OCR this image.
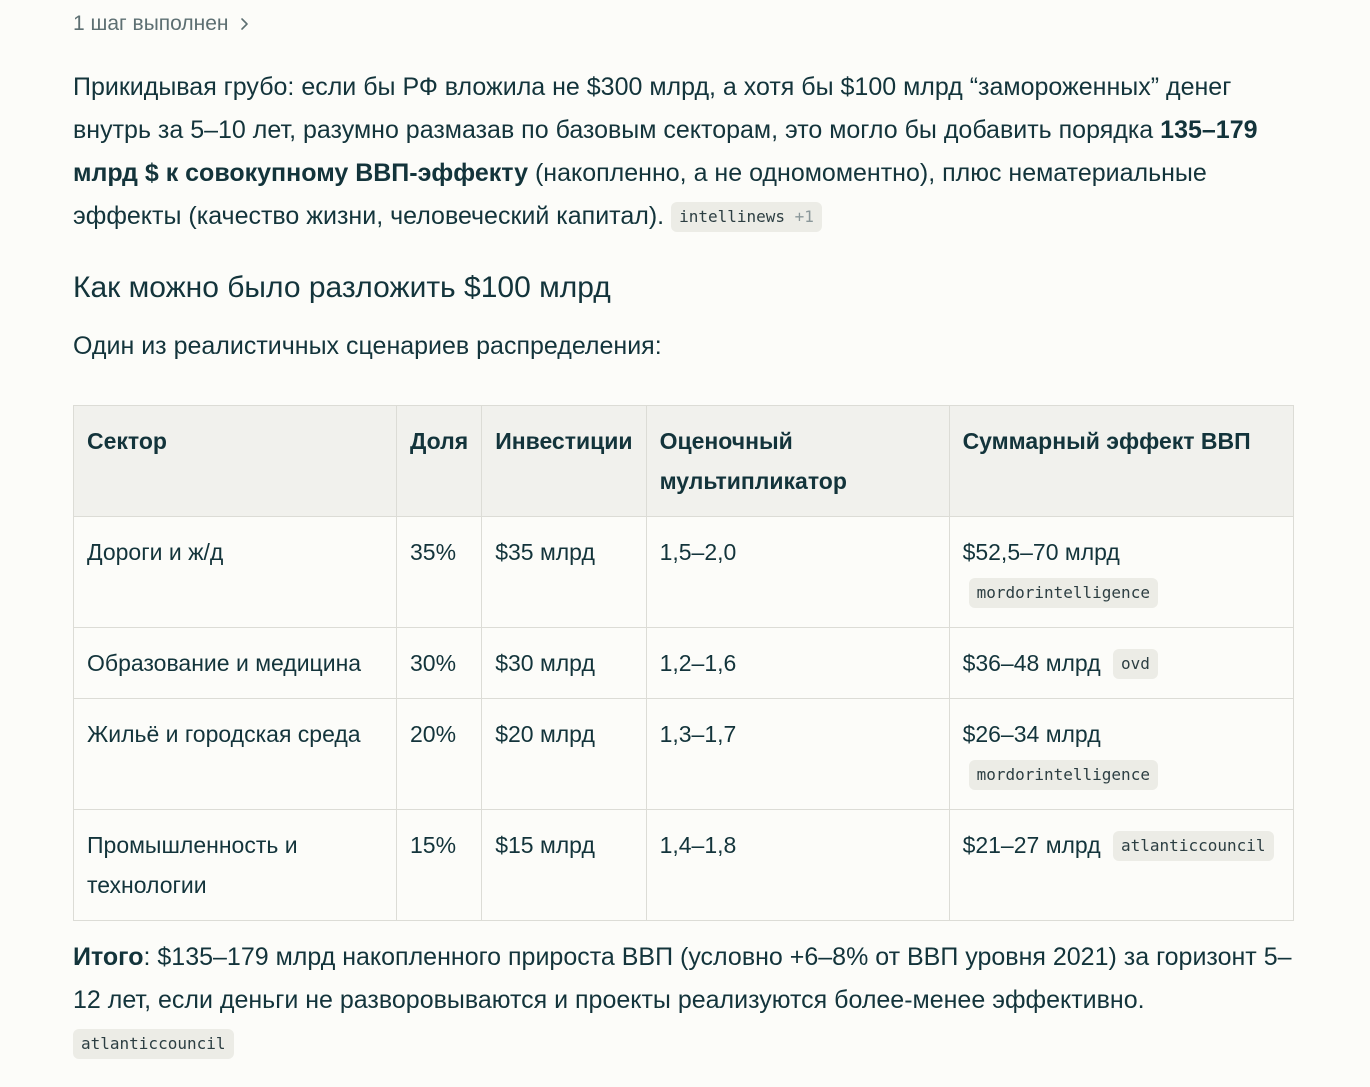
1 шаг выполнен

Прикидывая грубо: если бы РФ вложила не $300 млрд, а хотя бы $100 млрд “замороженных” денег внутрь за 5–10 лет, разумно размазав по базовым секторам, это могло бы добавить порядка 135–179 млрд $ к совокупному ВВП-эффекту (накопленно, а не одномоментно), плюс нематериальные эффекты (качество жизни, человеческий капитал). intellinews +1

Как можно было разложить $100 млрд

Один из реалистичных сценариев распределения:

Сектор	Доля	Инвестиции	Оценочный мультипликатор	Суммарный эффект ВВП
Дороги и ж/д	35%	$35 млрд	1,5–2,0	$52,5–70 млрд mordorintelligence
Образование и медицина	30%	$30 млрд	1,2–1,6	$36–48 млрд ovd
Жильё и городская среда	20%	$20 млрд	1,3–1,7	$26–34 млрд mordorintelligence
Промышленность и технологии	15%	$15 млрд	1,4–1,8	$21–27 млрд atlanticcouncil

Итого: $135–179 млрд накопленного прироста ВВП (условно +6–8% от ВВП уровня 2021) за горизонт 5–12 лет, если деньги не разворовываются и проекты реализуются более-менее эффективно. atlanticcouncil
